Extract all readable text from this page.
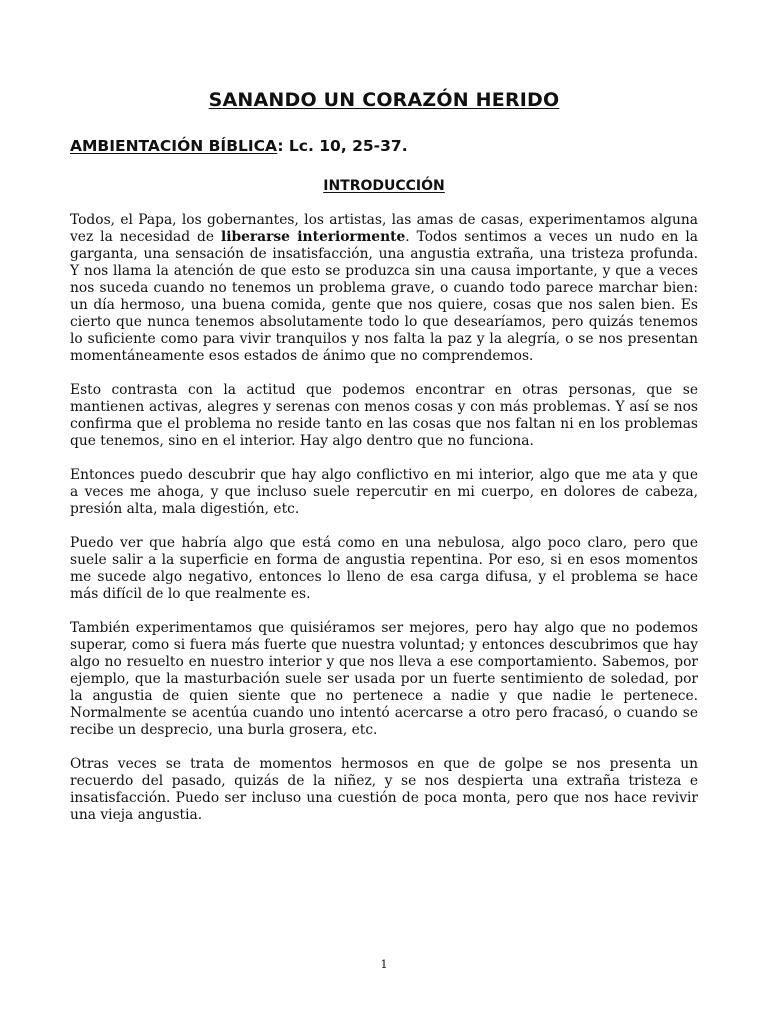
SANANDO UN CORAZÓN HERIDO
AMBIENTACIÓN BÍBLICA: Lc. 10, 25-37.
INTRODUCCIÓN

Todos, el Papa, los gobernantes, los artistas, las amas de casas, experimentamos alguna vez la necesidad de liberarse interiormente. Todos sentimos a veces un nudo en la garganta, una sensación de insatisfacción, una angustia extraña, una tristeza profunda. Y nos llama la atención de que esto se produzca sin una causa importante, y que a veces nos suceda cuando no tenemos un problema grave, o cuando todo parece marchar bien: un día hermoso, una buena comida, gente que nos quiere, cosas que nos salen bien. Es cierto que nunca tenemos absolutamente todo lo que desearíamos, pero quizás tenemos lo suficiente como para vivir tranquilos y nos falta la paz y la alegría, o se nos presentan momentáneamente esos estados de ánimo que no comprendemos.

Esto contrasta con la actitud que podemos encontrar en otras personas, que se mantienen activas, alegres y serenas con menos cosas y con más problemas. Y así se nos confirma que el problema no reside tanto en las cosas que nos faltan ni en los problemas que tenemos, sino en el interior. Hay algo dentro que no funciona.

Entonces puedo descubrir que hay algo conflictivo en mi interior, algo que me ata y que a veces me ahoga, y que incluso suele repercutir en mi cuerpo, en dolores de cabeza, presión alta, mala digestión, etc.

Puedo ver que habría algo que está como en una nebulosa, algo poco claro, pero que suele salir a la superficie en forma de angustia repentina. Por eso, si en esos momentos me sucede algo negativo, entonces lo lleno de esa carga difusa, y el problema se hace más difícil de lo que realmente es.

También experimentamos que quisiéramos ser mejores, pero hay algo que no podemos superar, como si fuera más fuerte que nuestra voluntad; y entonces descubrimos que hay algo no resuelto en nuestro interior y que nos lleva a ese comportamiento. Sabemos, por ejemplo, que la masturbación suele ser usada por un fuerte sentimiento de soledad, por la angustia de quien siente que no pertenece a nadie y que nadie le pertenece. Normalmente se acentúa cuando uno intentó acercarse a otro pero fracasó, o cuando se recibe un desprecio, una burla grosera, etc.

Otras veces se trata de momentos hermosos en que de golpe se nos presenta un recuerdo del pasado, quizás de la niñez, y se nos despierta una extraña tristeza e insatisfacción. Puedo ser incluso una cuestión de poca monta, pero que nos hace revivir una vieja angustia.

1
